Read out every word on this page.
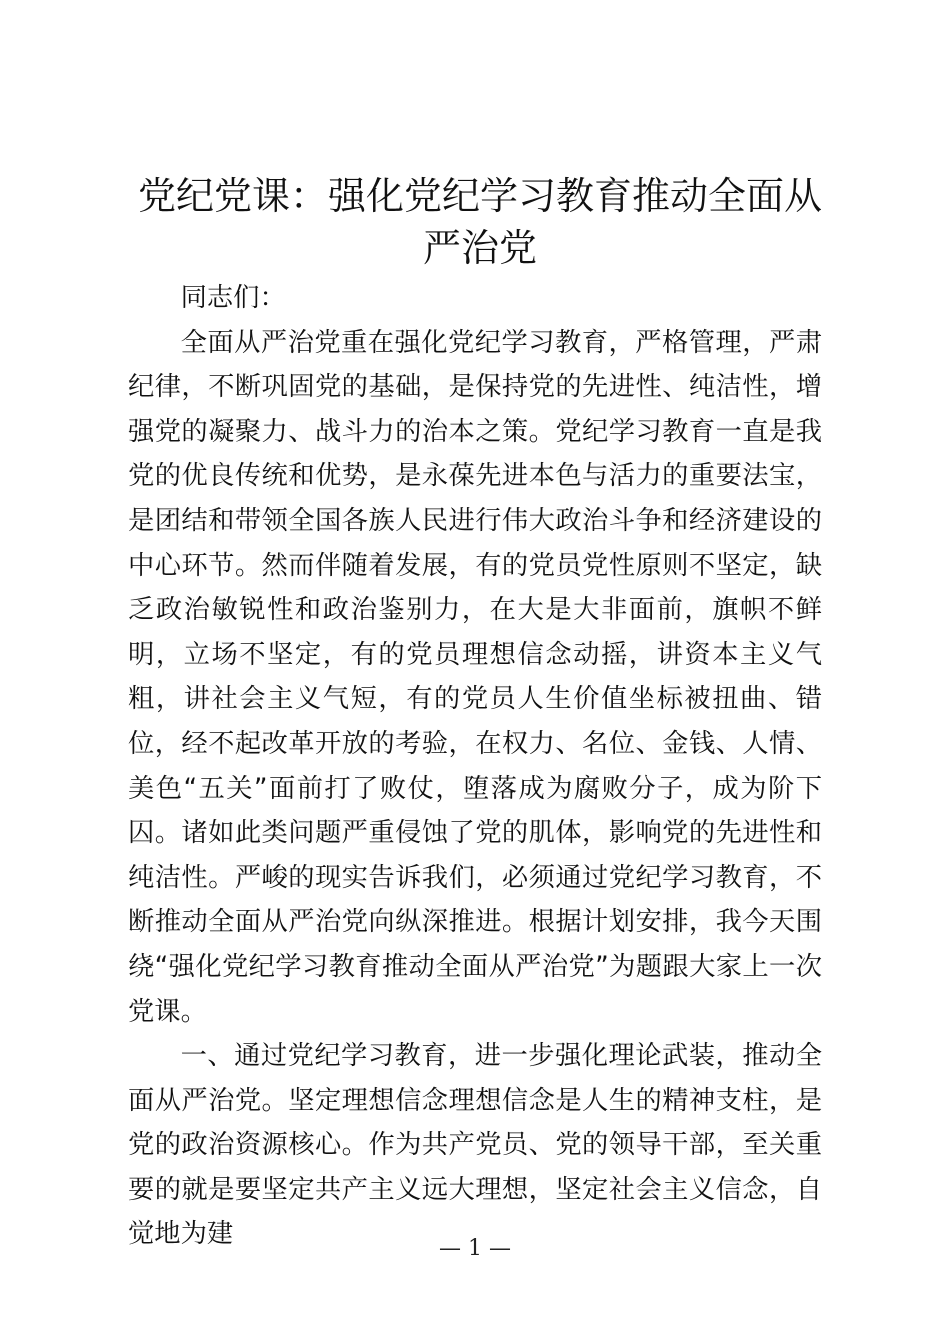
党纪党课：强化党纪学习教育推动全面从严治党

同志们：

全面从严治党重在强化党纪学习教育，严格管理，严肃纪律，不断巩固党的基础，是保持党的先进性、纯洁性，增强党的凝聚力、战斗力的治本之策。党纪学习教育一直是我党的优良传统和优势，是永葆先进本色与活力的重要法宝，是团结和带领全国各族人民进行伟大政治斗争和经济建设的中心环节。然而伴随着发展，有的党员党性原则不坚定，缺乏政治敏锐性和政治鉴别力，在大是大非面前，旗帜不鲜明，立场不坚定，有的党员理想信念动摇，讲资本主义气粗，讲社会主义气短，有的党员人生价值坐标被扭曲、错位，经不起改革开放的考验，在权力、名位、金钱、人情、美色“五关”面前打了败仗，堕落成为腐败分子，成为阶下囚。诸如此类问题严重侵蚀了党的肌体，影响党的先进性和纯洁性。严峻的现实告诉我们，必须通过党纪学习教育，不断推动全面从严治党向纵深推进。根据计划安排，我今天围绕“强化党纪学习教育推动全面从严治党”为题跟大家上一次党课。

一、通过党纪学习教育，进一步强化理论武装，推动全面从严治党。坚定理想信念理想信念是人生的精神支柱，是党的政治资源核心。作为共产党员、党的领导干部，至关重要的就是要坚定共产主义远大理想，坚定社会主义信念，自觉地为建	— 1 —
